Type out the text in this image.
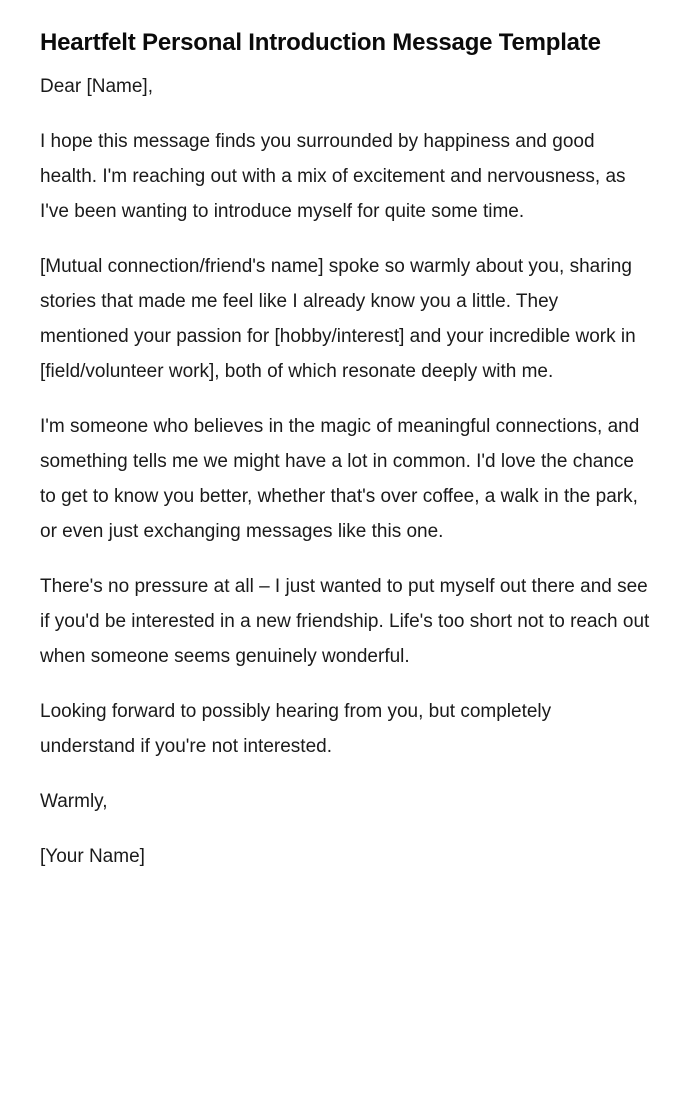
Heartfelt Personal Introduction Message Template

Dear [Name],

I hope this message finds you surrounded by happiness and good health. I'm reaching out with a mix of excitement and nervousness, as I've been wanting to introduce myself for quite some time.

[Mutual connection/friend's name] spoke so warmly about you, sharing stories that made me feel like I already know you a little. They mentioned your passion for [hobby/interest] and your incredible work in [field/volunteer work], both of which resonate deeply with me.

I'm someone who believes in the magic of meaningful connections, and something tells me we might have a lot in common. I'd love the chance to get to know you better, whether that's over coffee, a walk in the park, or even just exchanging messages like this one.

There's no pressure at all – I just wanted to put myself out there and see if you'd be interested in a new friendship. Life's too short not to reach out when someone seems genuinely wonderful.

Looking forward to possibly hearing from you, but completely understand if you're not interested.

Warmly,

[Your Name]
